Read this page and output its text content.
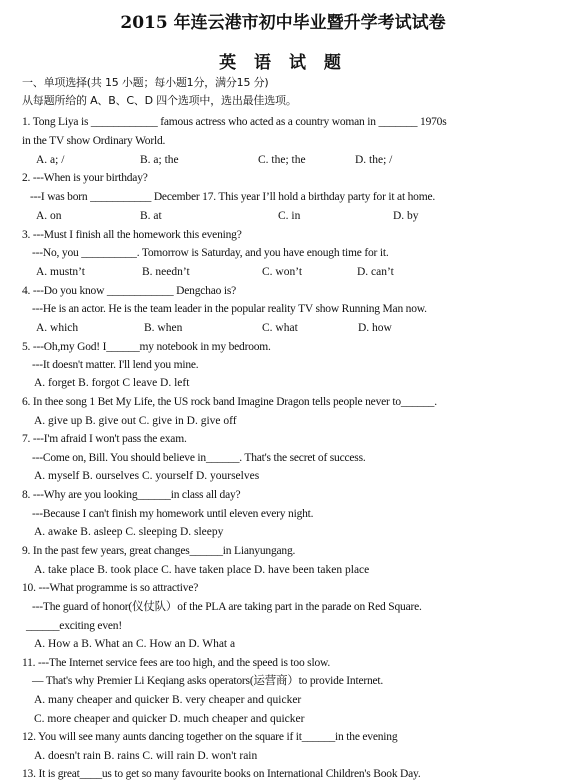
2015 年连云港市初中毕业暨升学考试试卷
英 语 试 题
一、单项选择(共 15 小题；每小题1分，满分15 分)
从每题所给的 A、B、C、D 四个选项中，选出最佳选项。
1. Tong Liya is ____________ famous actress who acted as a country woman in _______ 1970s
in the TV show Ordinary World.
A. a; /	B. a; the	C. the; the	D. the; /
2. ---When is your birthday?
---I was born ___________ December 17. This year I’ll hold a birthday party for it at home.
A. on	B. at	C. in	D. by
3. ---Must I finish all the homework this evening?
---No, you __________. Tomorrow is Saturday, and you have enough time for it.
A. mustn’t	B. needn’t	C. won’t	D. can’t
4. ---Do you know ____________ Dengchao is?
---He is an actor. He is the team leader in the popular reality TV show Running Man now.
A. which	B. when	C. what	D. how
5. ---Oh,my God! I______my notebook in my bedroom.
---It doesn't matter. I'll lend you mine.
A. forget B. forgot C leave D. left
6. In thee song 1 Bet My Life, the US rock band Imagine Dragon tells people never to______.
A. give up B. give out C. give in D. give off
7. ---I'm afraid I won't pass the exam.
---Come on, Bill. You should believe in______. That's the secret of success.
A. myself B. ourselves C. yourself D. yourselves
8. ---Why are you looking______in class all day?
---Because I can't finish my homework until eleven every night.
A. awake B. asleep C. sleeping D. sleepy
9. In the past few years, great changes______in Lianyungang.
A. take place B. took place C. have taken place D. have been taken place
10. ---What programme is so attractive?
---The guard of honor(仪仗队）of the PLA are taking part in the parade on Red Square.
______exciting even!
A. How a B. What an C. How an D. What a
11. ---The Internet service fees are too high, and the speed is too slow.
— That's why Premier Li Keqiang asks operators(运营商）to provide Internet.
A. many cheaper and quicker B. very cheaper and quicker
C. more cheaper and quicker D. much cheaper and quicker
12. You will see many aunts dancing together on the square if it______in the evening
A. doesn't rain B. rains C. will rain D. won't rain
13. It is great____us to get so many favourite books on International Children's Book Day.
